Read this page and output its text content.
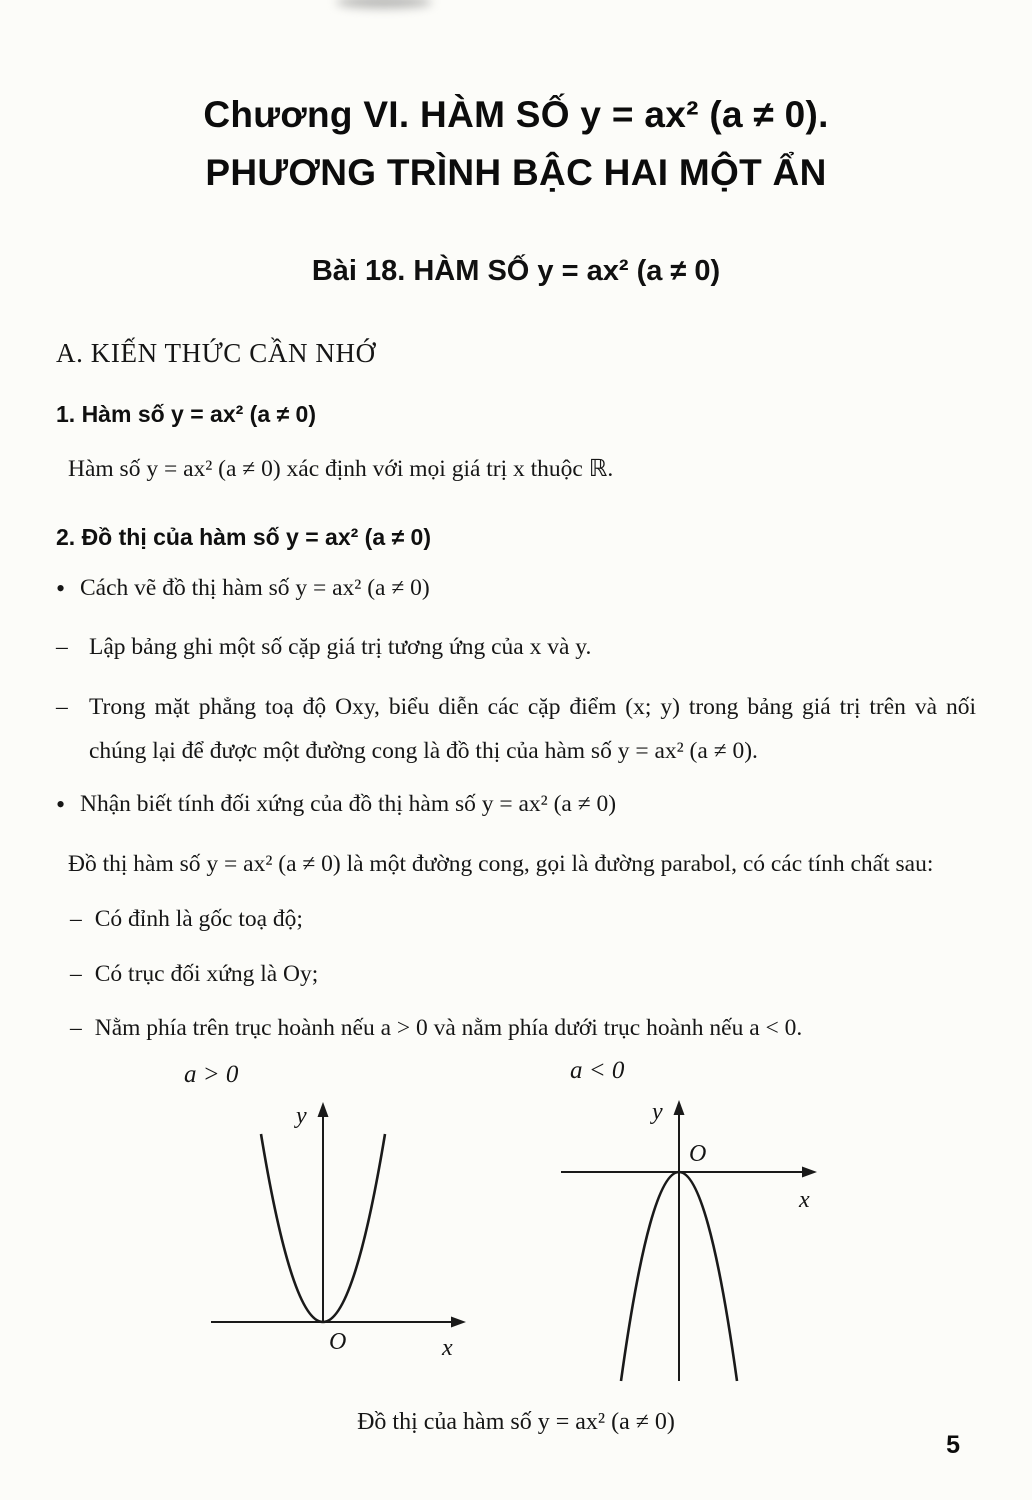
Chương VI. HÀM SỐ y = ax² (a ≠ 0).
PHƯƠNG TRÌNH BẬC HAI MỘT ẨN
Bài 18. HÀM SỐ y = ax² (a ≠ 0)
A. KIẾN THỨC CẦN NHỚ
1. Hàm số y = ax² (a ≠ 0)

Hàm số y = ax² (a ≠ 0) xác định với mọi giá trị x thuộc ℝ.

2. Đồ thị của hàm số y = ax² (a ≠ 0)
• Cách vẽ đồ thị hàm số y = ax² (a ≠ 0)
– Lập bảng ghi một số cặp giá trị tương ứng của x và y.
– Trong mặt phẳng toạ độ Oxy, biểu diễn các cặp điểm (x; y) trong bảng giá trị trên và nối chúng lại để được một đường cong là đồ thị của hàm số y = ax² (a ≠ 0).
• Nhận biết tính đối xứng của đồ thị hàm số y = ax² (a ≠ 0)

Đồ thị hàm số y = ax² (a ≠ 0) là một đường cong, gọi là đường parabol, có các tính chất sau:

– Có đỉnh là gốc toạ độ;

– Có trục đối xứng là Oy;

– Nằm phía trên trục hoành nếu a > 0 và nằm phía dưới trục hoành nếu a < 0.

a > 0	a < 0
y
x
O
y
x
O

Đồ thị của hàm số y = ax² (a ≠ 0)

5
